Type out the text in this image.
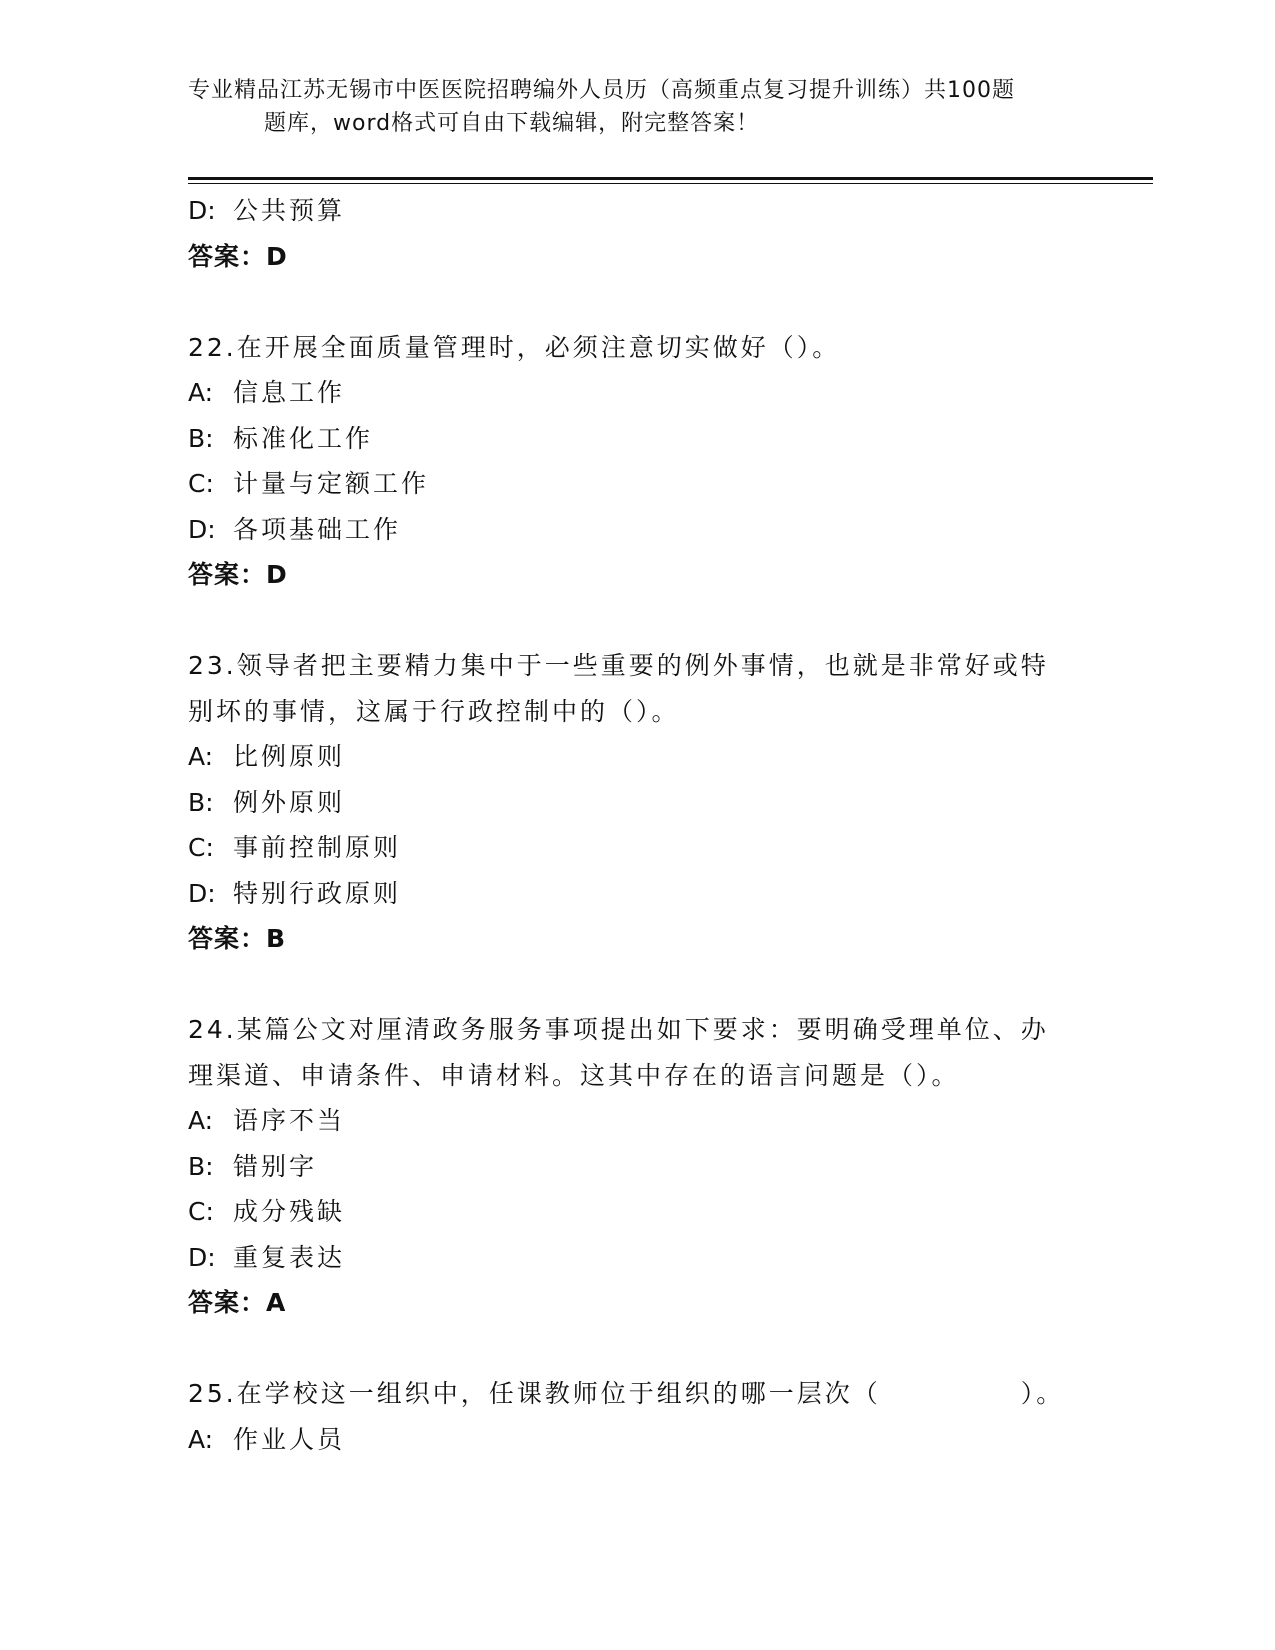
专业精品江苏无锡市中医医院招聘编外人员历（高频重点复习提升训练）共100题
题库，word格式可自由下载编辑，附完整答案！
D: 公共预算
答案：D
22.在开展全面质量管理时，必须注意切实做好（）。
A: 信息工作
B: 标准化工作
C: 计量与定额工作
D: 各项基础工作
答案：D
23.领导者把主要精力集中于一些重要的例外事情，也就是非常好或特
别坏的事情，这属于行政控制中的（）。
A: 比例原则
B: 例外原则
C: 事前控制原则
D: 特别行政原则
答案：B
24.某篇公文对厘清政务服务事项提出如下要求：要明确受理单位、办
理渠道、申请条件、申请材料。这其中存在的语言问题是（）。
A: 语序不当
B: 错别字
C: 成分残缺
D: 重复表达
答案：A
25.在学校这一组织中，任课教师位于组织的哪一层次（　　　　　）。
A: 作业人员
